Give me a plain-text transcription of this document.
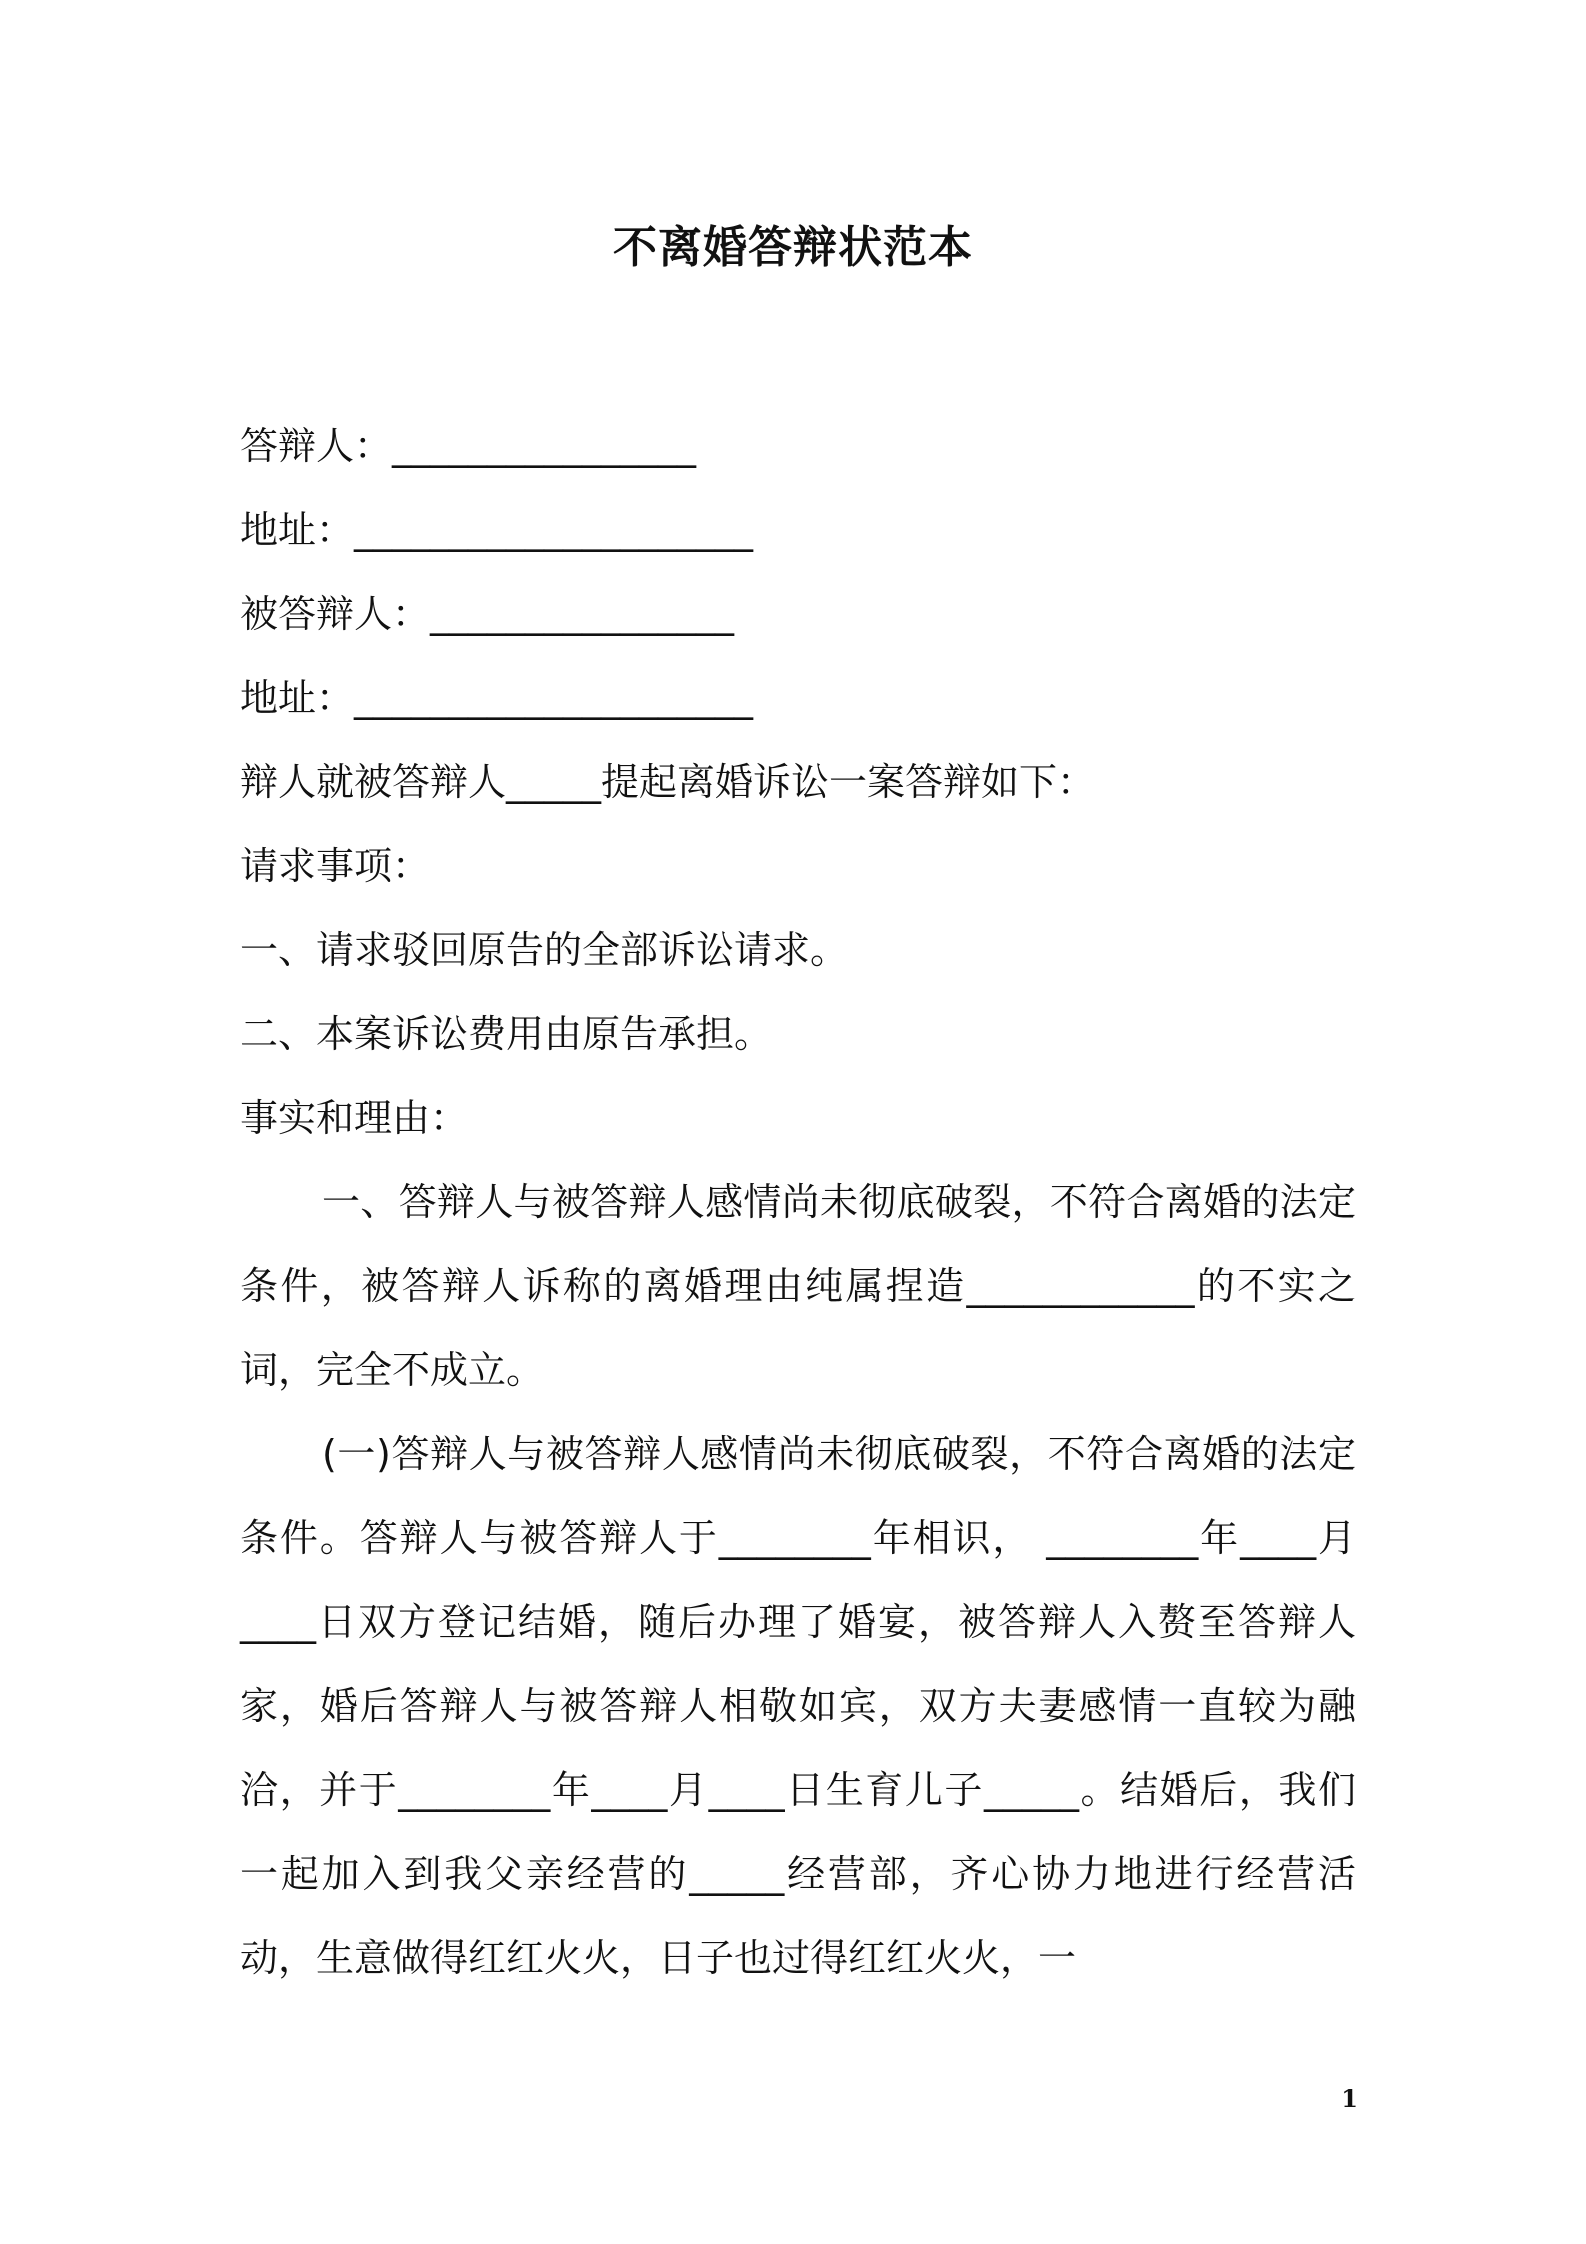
不离婚答辩状范本

答辩人：________________

地址：_____________________

被答辩人：________________

地址：_____________________

辩人就被答辩人_____提起离婚诉讼一案答辩如下：

请求事项：

一、请求驳回原告的全部诉讼请求。

二、本案诉讼费用由原告承担。

事实和理由：

一、答辩人与被答辩人感情尚未彻底破裂，不符合离婚的法定条件，被答辩人诉称的离婚理由纯属捏造____________的不实之词，完全不成立。

(一)答辩人与被答辩人感情尚未彻底破裂，不符合离婚的法定条件。答辩人与被答辩人于________年相识， ________年____月____日双方登记结婚，随后办理了婚宴，被答辩人入赘至答辩人家，婚后答辩人与被答辩人相敬如宾，双方夫妻感情一直较为融洽，并于________年____月____日生育儿子_____。结婚后，我们一起加入到我父亲经营的_____经营部，齐心协力地进行经营活动，生意做得红红火火，日子也过得红红火火，一

1
